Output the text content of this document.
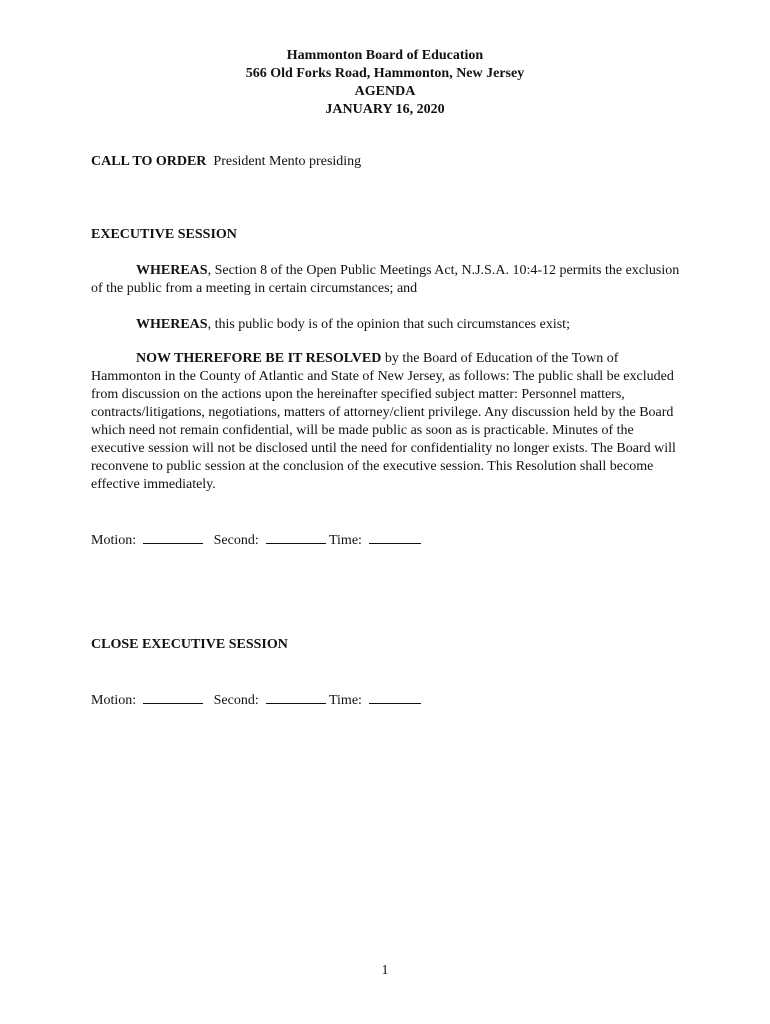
Hammonton Board of Education
566 Old Forks Road, Hammonton, New Jersey
AGENDA
JANUARY 16, 2020
CALL TO ORDER President Mento presiding
EXECUTIVE SESSION
WHEREAS, Section 8 of the Open Public Meetings Act, N.J.S.A. 10:4-12 permits the exclusion of the public from a meeting in certain circumstances; and
WHEREAS, this public body is of the opinion that such circumstances exist;
NOW THEREFORE BE IT RESOLVED by the Board of Education of the Town of Hammonton in the County of Atlantic and State of New Jersey, as follows: The public shall be excluded from discussion on the actions upon the hereinafter specified subject matter: Personnel matters, contracts/litigations, negotiations, matters of attorney/client privilege. Any discussion held by the Board which need not remain confidential, will be made public as soon as is practicable. Minutes of the executive session will not be disclosed until the need for confidentiality no longer exists. The Board will reconvene to public session at the conclusion of the executive session. This Resolution shall become effective immediately.
Motion:	Second:	Time:
CLOSE EXECUTIVE SESSION
Motion:	Second:	Time:
1
